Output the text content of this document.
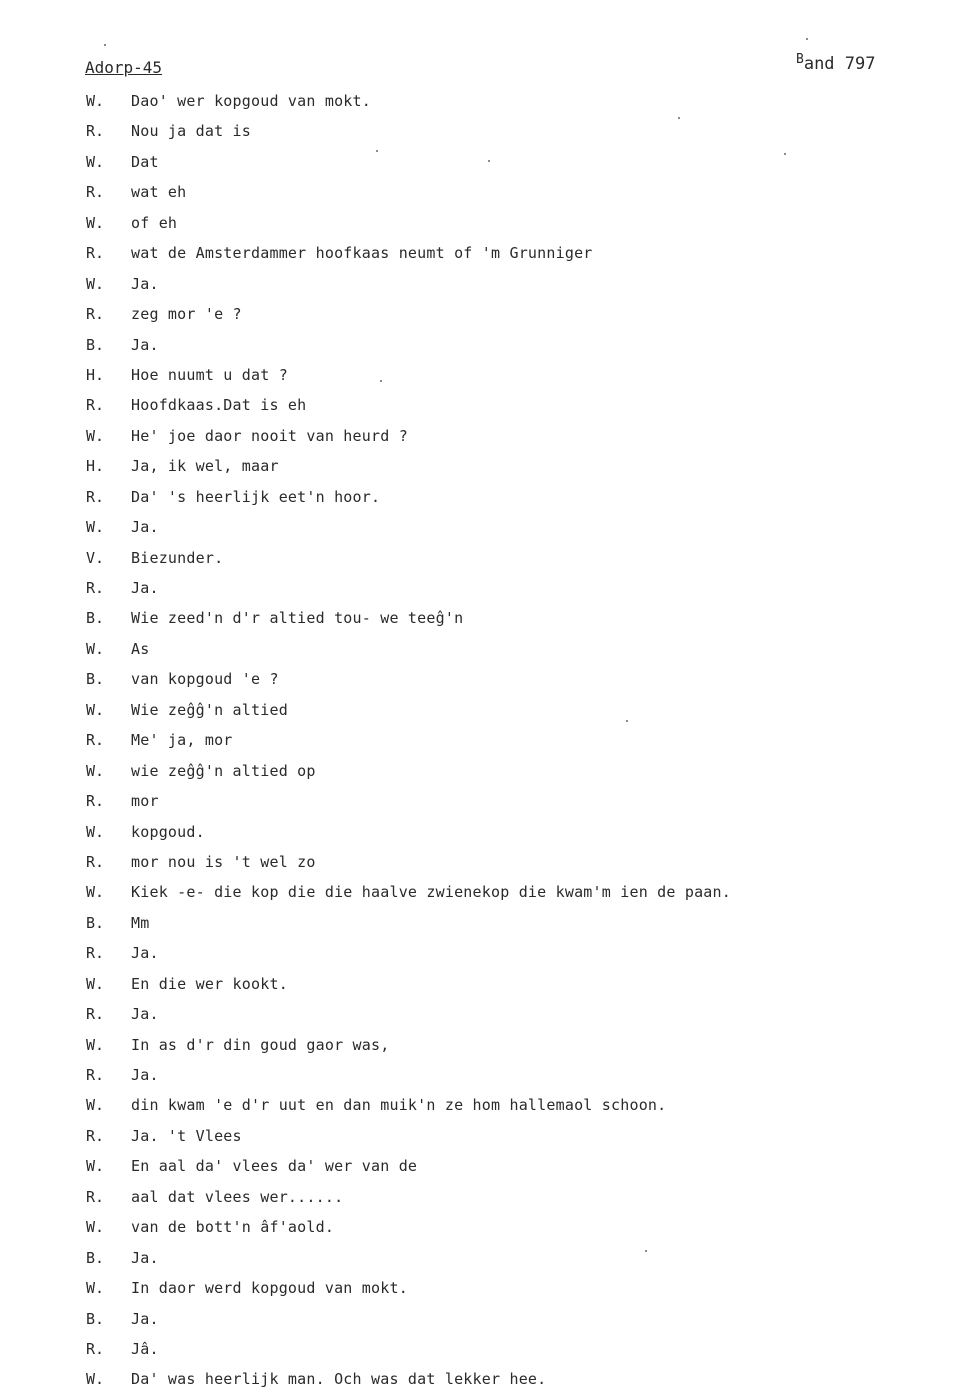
Adorp-45	$^B$and 797
W. Dao' wer kopgoud van mokt.
R. Nou ja dat is
W. Dat
R. wat eh
W. of eh
R. wat de Amsterdammer hoofkaas neumt of 'm Grunniger
W. Ja.
R. zeg mor 'e ?
B. Ja.
H. Hoe nuumt u dat ?
R. Hoofdkaas.Dat is eh
W. He' joe daor nooit van heurd ?
H. Ja, ik wel, maar
R. Da' 's heerlijk eet'n hoor.
W. Ja.
V. Biezunder.
R. Ja.
B. Wie zeed'n d'r altied tou- we teeĝ'n
W. As
B. van kopgoud 'e ?
W. Wie zeĝĝ'n altied
R. Me' ja, mor
W. wie zeĝĝ'n altied op
R. mor
W. kopgoud.
R. mor nou is 't wel zo
W. Kiek -e- die kop die die haalve zwienekop die kwam'm ien de paan.
B. Mm
R. Ja.
W. En die wer kookt.
R. Ja.
W. In as d'r din goud gaor was,
R. Ja.
W. din kwam 'e d'r uut en dan muik'n ze hom hallemaol schoon.
R. Ja. 't Vlees
W. En aal da' vlees da' wer van de
R. aal dat vlees wer......
W. van de bott'n âf'aold.
B. Ja.
W. In daor werd kopgoud van mokt.
B. Ja.
R. Jâ.
W. Da' was heerlijk man. Och was dat lekker hee.
